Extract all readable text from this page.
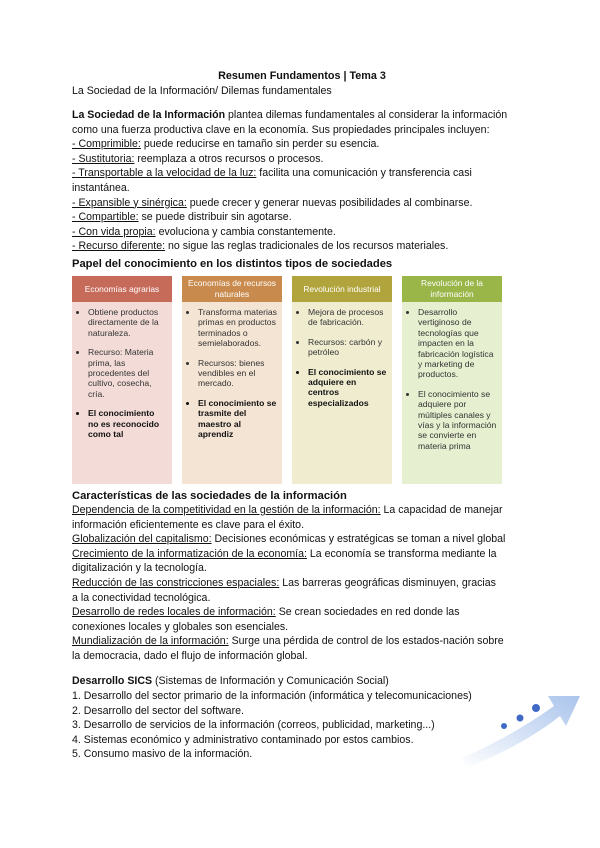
Resumen Fundamentos | Tema 3
La Sociedad de la Información/ Dilemas fundamentales

La Sociedad de la Información plantea dilemas fundamentales al considerar la información

como una fuerza productiva clave en la economía. Sus propiedades principales incluyen:

- Comprimible: puede reducirse en tamaño sin perder su esencia.

- Sustitutoria: reemplaza a otros recursos o procesos.

- Transportable a la velocidad de la luz: facilita una comunicación y transferencia casi

instantánea.

- Expansible y sinérgica: puede crecer y generar nuevas posibilidades al combinarse.

- Compartible: se puede distribuir sin agotarse.

- Con vida propia: evoluciona y cambia constantemente.

- Recurso diferente: no sigue las reglas tradicionales de los recursos materiales.

Papel del conocimiento en los distintos tipos de sociedades
Economías agrarias
• Obtiene productos directamente de la naturaleza.
• Recurso: Materia prima, las procedentes del cultivo, cosecha, cría.
• El conocimiento no es reconocido como tal
Economías de recursos naturales
• Transforma materias primas en productos terminados o semielaborados.
• Recursos: bienes vendibles en el mercado.
• El conocimiento se trasmite del maestro al aprendiz
Revolución industrial
• Mejora de procesos de fabricación.
• Recursos: carbón y petróleo
• El conocimiento se adquiere en centros especializados
Revolución de la información
• Desarrollo vertiginoso de tecnologías que impacten en la fabricación logística y marketing de productos.
• El conocimiento se adquiere por múltiples canales y vías y la información se convierte en materia prima
Características de las sociedades de la información

Dependencia de la competitividad en la gestión de la información: La capacidad de manejar

información eficientemente es clave para el éxito.

Globalización del capitalismo: Decisiones económicas y estratégicas se toman a nivel global

Crecimiento de la informatización de la economía: La economía se transforma mediante la

digitalización y la tecnología.

Reducción de las constricciones espaciales: Las barreras geográficas disminuyen, gracias

a la conectividad tecnológica.

Desarrollo de redes locales de información: Se crean sociedades en red donde las

conexiones locales y globales son esenciales.

Mundialización de la información: Surge una pérdida de control de los estados-nación sobre

la democracia, dado el flujo de información global.

Desarrollo SICS (Sistemas de Información y Comunicación Social)

1. Desarrollo del sector primario de la información (informática y telecomunicaciones)

2. Desarrollo del sector del software.

3. Desarrollo de servicios de la información (correos, publicidad, marketing...)

4. Sistemas económico y administrativo contaminado por estos cambios.

5. Consumo masivo de la información.
